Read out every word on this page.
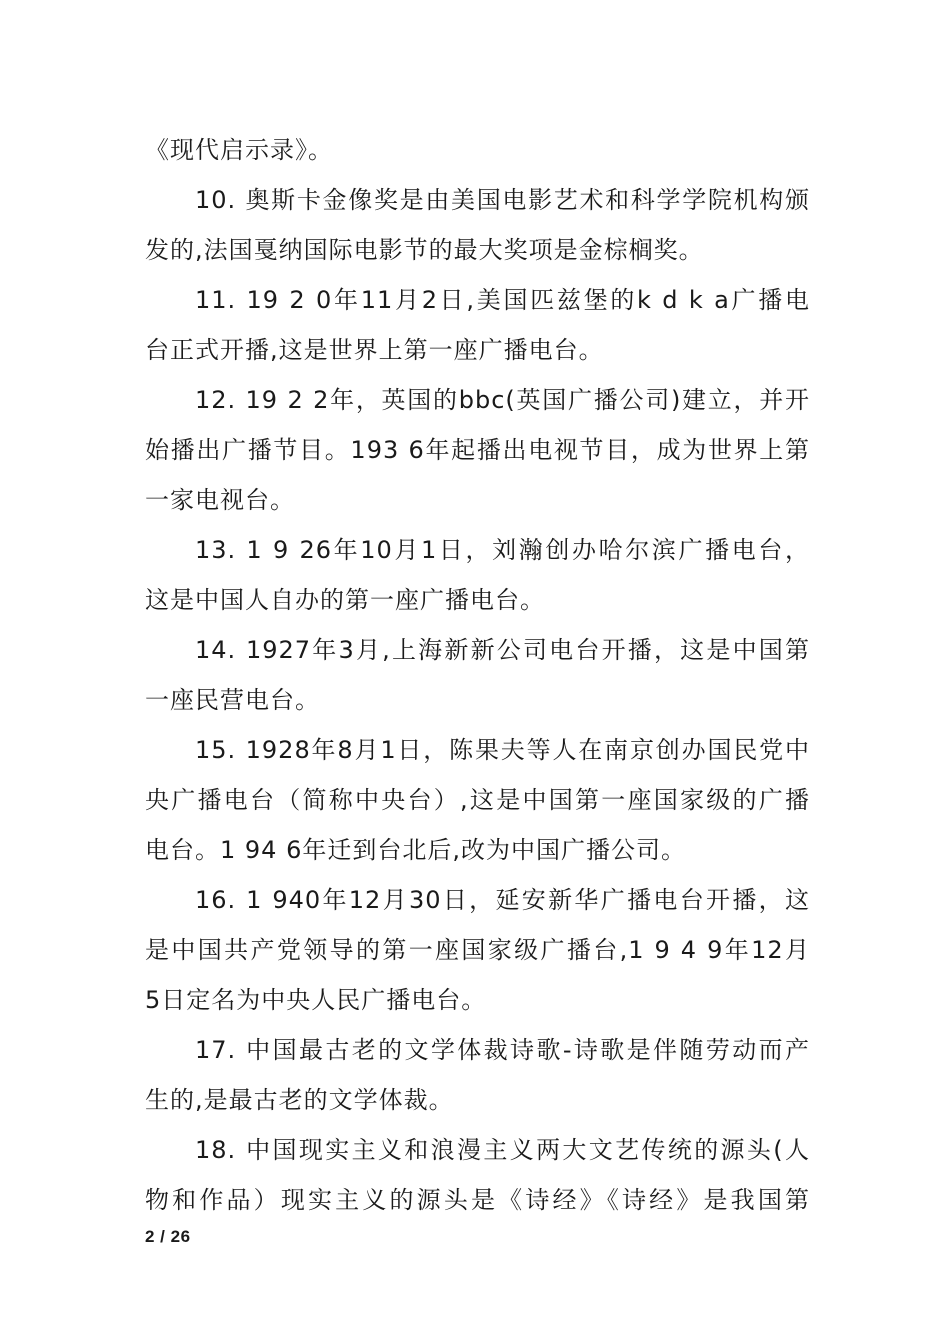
《现代启示录》。
10. 奥斯卡金像奖是由美国电影艺术和科学学院机构颁
发的,法国戛纳国际电影节的最大奖项是金棕榈奖。
11. 19 2 0年11月2日,美国匹兹堡的k d k a广播电
台正式开播,这是世界上第一座广播电台。
12. 19 2 2年，英国的bbc(英国广播公司)建立，并开
始播出广播节目。193 6年起播出电视节目，成为世界上第
一家电视台。
13. 1 9 26年10月1日，刘瀚创办哈尔滨广播电台，
这是中国人自办的第一座广播电台。
14. 1927年3月,上海新新公司电台开播，这是中国第
一座民营电台。
15. 1928年8月1日，陈果夫等人在南京创办国民党中
央广播电台（简称中央台）,这是中国第一座国家级的广播
电台。1 94 6年迁到台北后,改为中国广播公司。
16. 1 940年12月30日，延安新华广播电台开播，这
是中国共产党领导的第一座国家级广播台,1 9 4 9年12月
5日定名为中央人民广播电台。
17. 中国最古老的文学体裁诗歌-诗歌是伴随劳动而产
生的,是最古老的文学体裁。
18. 中国现实主义和浪漫主义两大文艺传统的源头(人
物和作品）现实主义的源头是《诗经》《诗经》是我国第
2 / 26
